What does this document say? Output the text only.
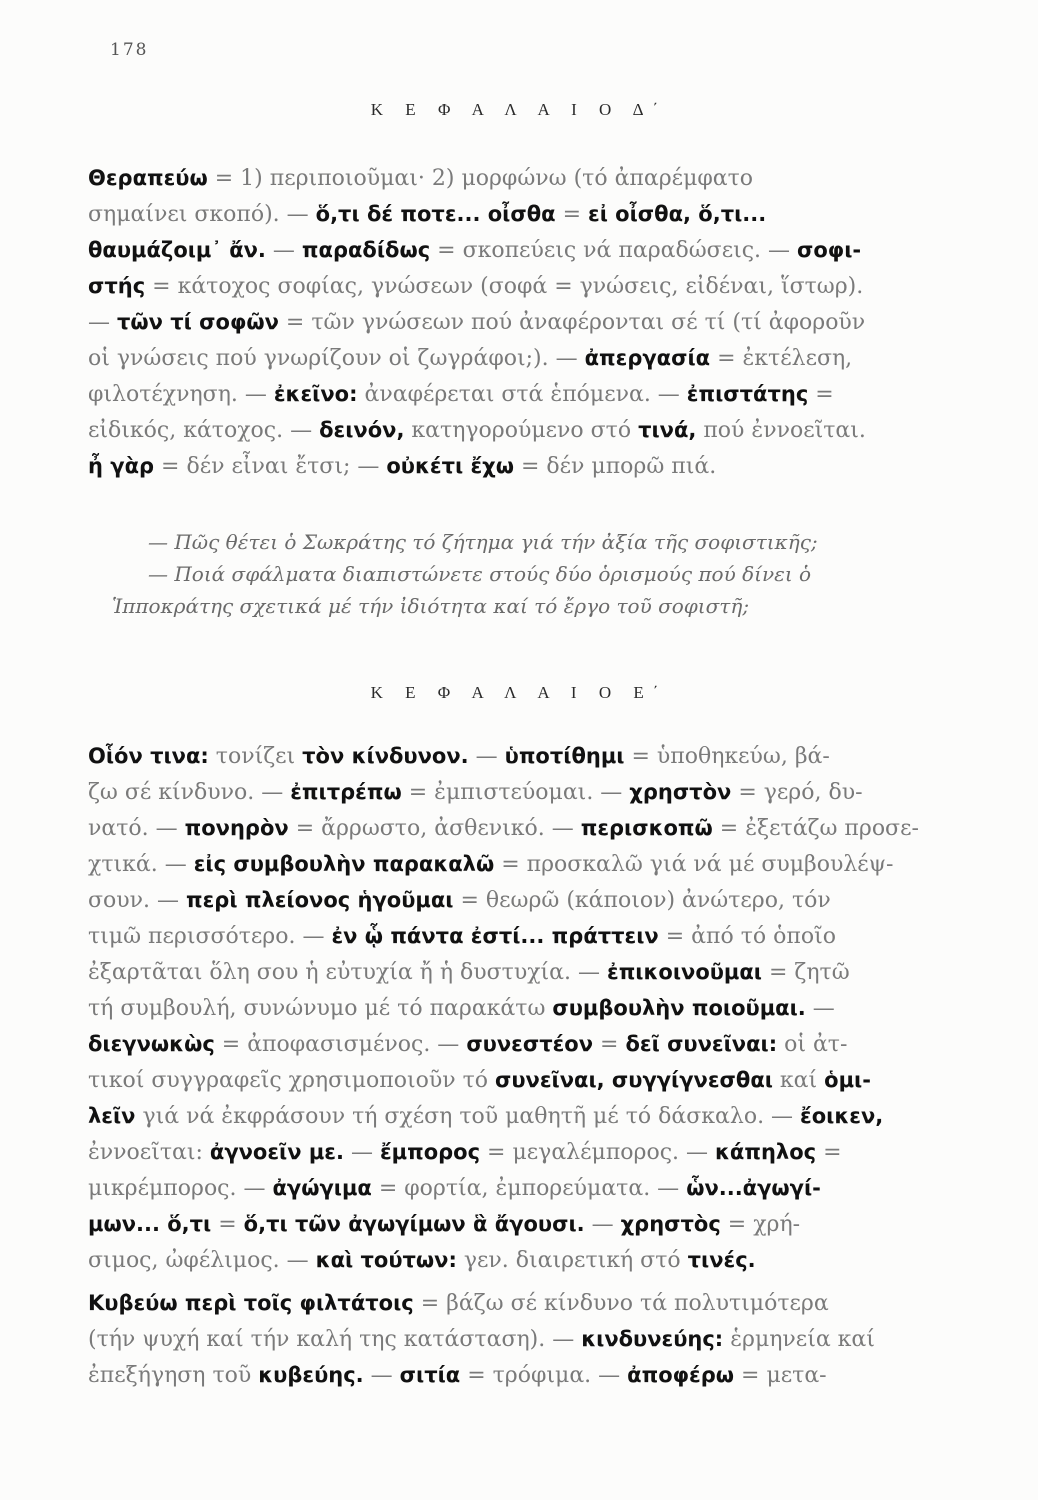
178
Κ Ε Φ Α Λ Α Ι Ο Δ΄
Θεραπεύω = 1) περιποιοῦμαι· 2) μορφώνω (τό ἀπαρέμφατο
σημαίνει σκοπό). — ὅ,τι δέ ποτε... οἶσθα = εἰ οἶσθα, ὅ,τι...
θαυμάζοιμ᾽ ἄν. — παραδίδως = σκοπεύεις νά παραδώσεις. — σοφι-
στής = κάτοχος σοφίας, γνώσεων (σοφά = γνώσεις, εἰδέναι, ἵστωρ).
— τῶν τί σοφῶν = τῶν γνώσεων πού ἀναφέρονται σέ τί (τί ἀφοροῦν
οἱ γνώσεις πού γνωρίζουν οἱ ζωγράφοι;). — ἀπεργασία = ἐκτέλεση,
φιλοτέχνηση. — ἐκεῖνο: ἀναφέρεται στά ἑπόμενα. — ἐπιστάτης =
εἰδικός, κάτοχος. — δεινόν, κατηγορούμενο στό τινά, πού ἐννοεῖται.
ἦ γὰρ = δέν εἶναι ἔτσι; — οὐκέτι ἔχω = δέν μπορῶ πιά.
— Πῶς θέτει ὁ Σωκράτης τό ζήτημα γιά τήν ἀξία τῆς σοφιστικῆς;
— Ποιά σφάλματα διαπιστώνετε στούς δύο ὁρισμούς πού δίνει ὁ
Ἱπποκράτης σχετικά μέ τήν ἰδιότητα καί τό ἔργο τοῦ σοφιστῆ;
Κ Ε Φ Α Λ Α Ι Ο Ε΄
Οἷόν τινα: τονίζει τὸν κίνδυνον. — ὑποτίθημι = ὑποθηκεύω, βά-
ζω σέ κίνδυνο. — ἐπιτρέπω = ἐμπιστεύομαι. — χρηστὸν = γερό, δυ-
νατό. — πονηρὸν = ἄρρωστο, ἀσθενικό. — περισκοπῶ = ἐξετάζω προσε-
χτικά. — εἰς συμβουλὴν παρακαλῶ = προσκαλῶ γιά νά μέ συμβουλέψ-
σουν. — περὶ πλείονος ἡγοῦμαι = θεωρῶ (κάποιον) ἀνώτερο, τόν
τιμῶ περισσότερο. — ἐν ᾧ πάντα ἐστί... πράττειν = ἀπό τό ὁποῖο
ἐξαρτᾶται ὅλη σου ἡ εὐτυχία ἤ ἡ δυστυχία. — ἐπικοινοῦμαι = ζητῶ
τή συμβουλή, συνώνυμο μέ τό παρακάτω συμβουλὴν ποιοῦμαι. —
διεγνωκὼς = ἀποφασισμένος. — συνεστέον = δεῖ συνεῖναι: οἱ ἀτ-
τικοί συγγραφεῖς χρησιμοποιοῦν τό συνεῖναι, συγγίγνεσθαι καί ὁμι-
λεῖν γιά νά ἐκφράσουν τή σχέση τοῦ μαθητῆ μέ τό δάσκαλο. — ἔοικεν,
ἐννοεῖται: ἀγνοεῖν με. — ἔμπορος = μεγαλέμπορος. — κάπηλος =
μικρέμπορος. — ἀγώγιμα = φορτία, ἐμπορεύματα. — ὧν...ἀγωγί-
μων... ὅ,τι = ὅ,τι τῶν ἀγωγίμων ἃ ἄγουσι. — χρηστὸς = χρή-
σιμος, ὠφέλιμος. — καὶ τούτων: γεν. διαιρετική στό τινές.
Κυβεύω περὶ τοῖς φιλτάτοις = βάζω σέ κίνδυνο τά πολυτιμότερα
(τήν ψυχή καί τήν καλή της κατάσταση). — κινδυνεύης: ἑρμηνεία καί
ἐπεξήγηση τοῦ κυβεύης. — σιτία = τρόφιμα. — ἀποφέρω = μετα-
